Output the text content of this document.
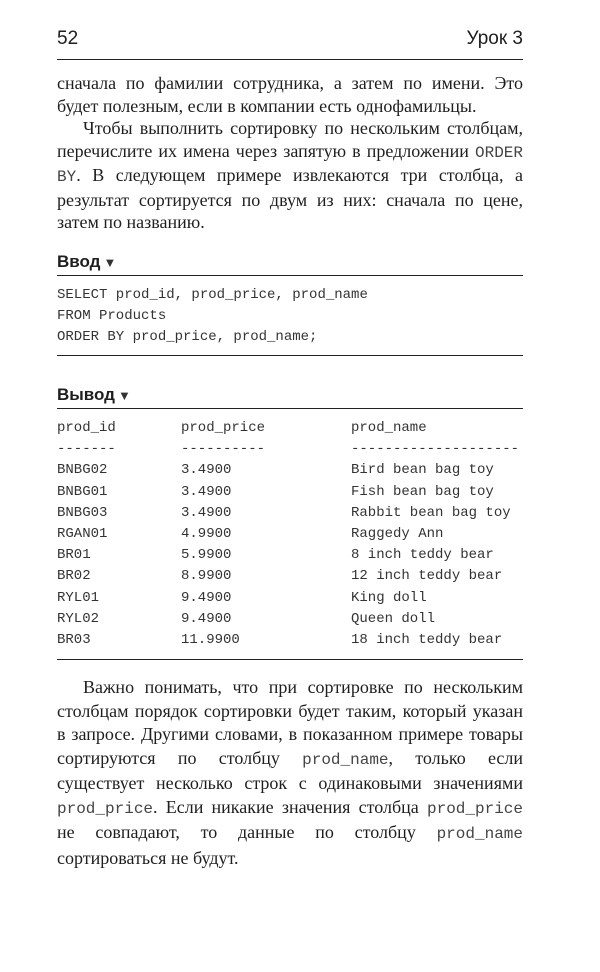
52	Урок 3

сначала по фамилии сотрудника, а затем по имени. Это будет полезным, если в компании есть однофамильцы.

Чтобы выполнить сортировку по нескольким столбцам, перечислите их имена через запятую в предложении ORDER BY. В следующем примере извлекаются три столбца, а результат сортируется по двум из них: сначала по цене, затем по названию.

Ввод ▼
SELECT prod_id, prod_price, prod_name
FROM Products
ORDER BY prod_price, prod_name;
Вывод ▼
prod_id	prod_price	prod_name
-------	----------	--------------------
BNBG02	3.4900	Bird bean bag toy
BNBG01	3.4900	Fish bean bag toy
BNBG03	3.4900	Rabbit bean bag toy
RGAN01	4.9900	Raggedy Ann
BR01	5.9900	8 inch teddy bear
BR02	8.9900	12 inch teddy bear
RYL01	9.4900	King doll
RYL02	9.4900	Queen doll
BR03	11.9900	18 inch teddy bear

Важно понимать, что при сортировке по нескольким столбцам порядок сортировки будет таким, который указан в запросе. Другими словами, в показанном примере товары сортируются по столбцу prod_name, только если существует несколько строк с одинаковыми значениями prod_price. Если никакие значения столбца prod_price не совпадают, то данные по столбцу prod_name сортироваться не будут.
